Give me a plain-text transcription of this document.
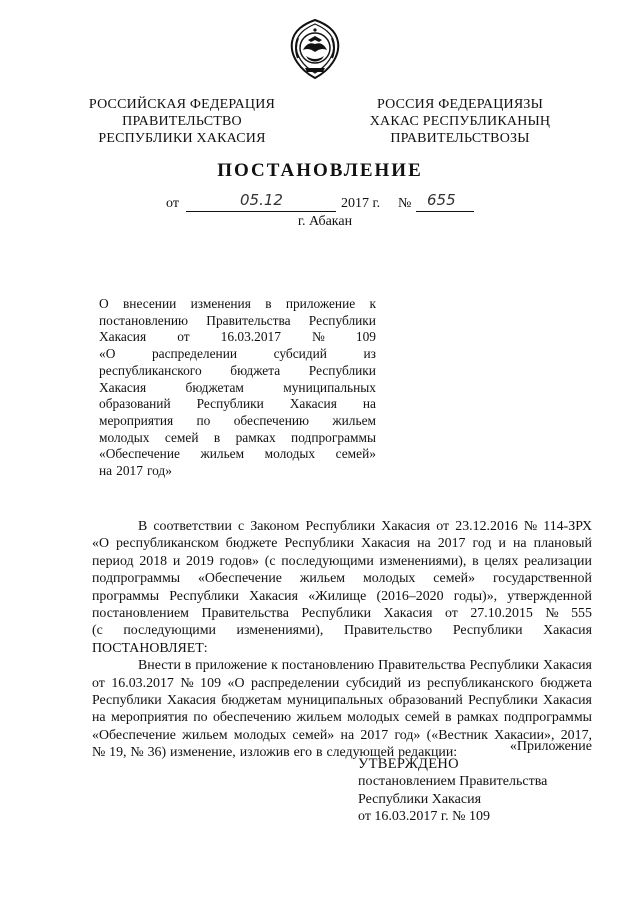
РОССИЙСКАЯ ФЕДЕРАЦИЯ
ПРАВИТЕЛЬСТВО
РЕСПУБЛИКИ ХАКАСИЯ
РОССИЯ ФЕДЕРАЦИЯЗЫ
ХАКАС РЕСПУБЛИКАНЫҢ
ПРАВИТЕЛЬСТВОЗЫ
ПОСТАНОВЛЕНИЕ
от	05.12	2017 г. № 655
г. Абакан
О внесении изменения в приложение к
постановлению Правительства Республики
Хакасия от 16.03.2017 № 109
«О	распределении	субсидий	из
республиканского бюджета Республики
Хакасия	бюджетам	муниципальных
образований Республики Хакасия на
мероприятия по обеспечению жильем
молодых семей в рамках подпрограммы
«Обеспечение жильем молодых семей»
на 2017 год»
В соответствии с Законом Республики Хакасия от 23.12.2016 № 114-ЗРХ
«О республиканском бюджете Республики Хакасия на 2017 год и на плановый
период 2018 и 2019 годов» (с последующими изменениями), в целях реализации
подпрограммы «Обеспечение жильем молодых семей» государственной
программы Республики Хакасия «Жилище (2016–2020 годы)», утвержденной
постановлением Правительства Республики Хакасия от 27.10.2015 № 555
(с последующими изменениями), Правительство Республики Хакасия
ПОСТАНОВЛЯЕТ:
Внести в приложение к постановлению Правительства Республики Хакасия
от 16.03.2017 № 109 «О распределении субсидий из республиканского бюджета
Республики Хакасия бюджетам муниципальных образований Республики Хакасия
на мероприятия по обеспечению жильем молодых семей в рамках подпрограммы
«Обеспечение жильем молодых семей» на 2017 год» («Вестник Хакасии», 2017,
№ 19, № 36) изменение, изложив его в следующей редакции:	«Приложение
УТВЕРЖДЕНО
постановлением Правительства
Республики Хакасия
от 16.03.2017 г. № 109
